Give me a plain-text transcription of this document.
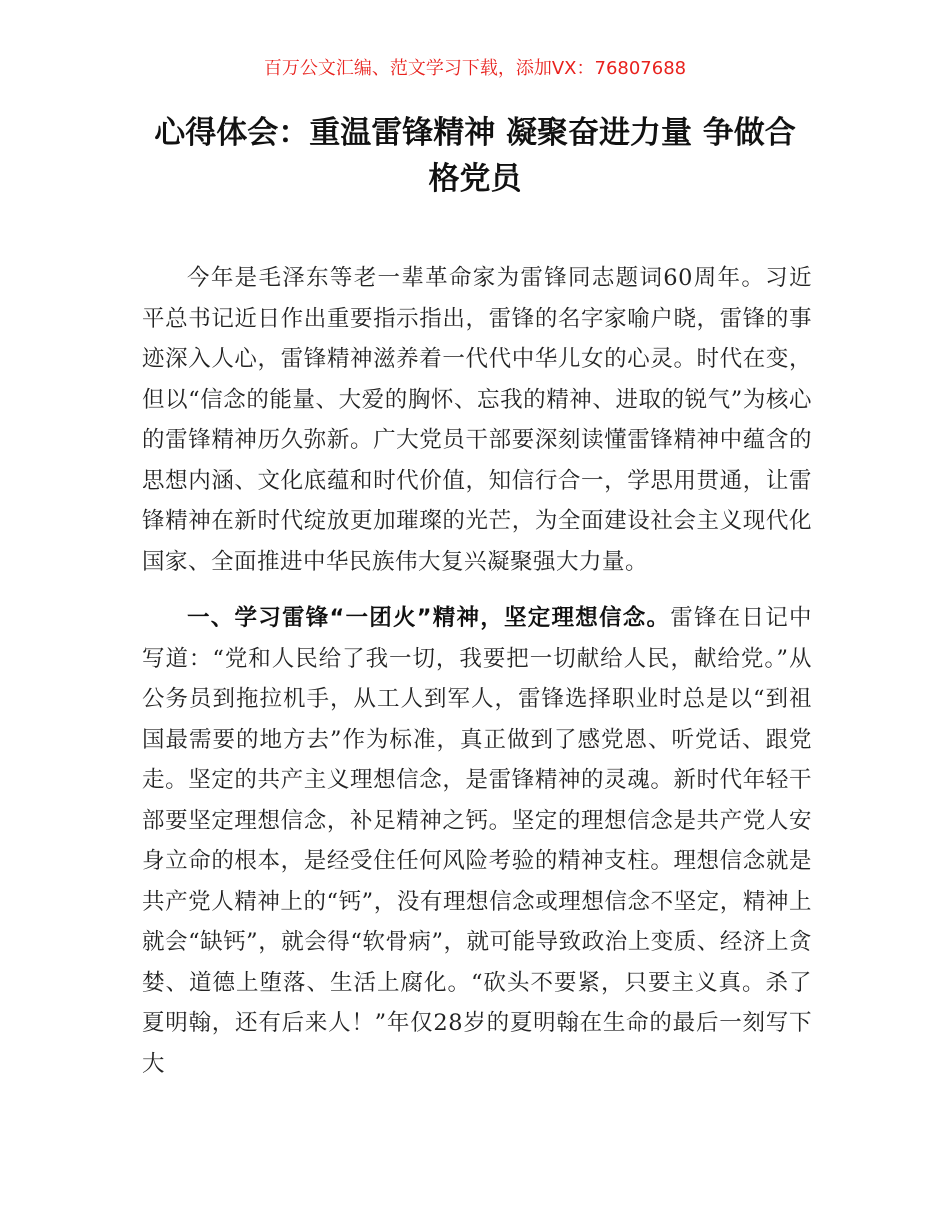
百万公文汇编、范文学习下载，添加VX：76807688
心得体会：重温雷锋精神 凝聚奋进力量 争做合格党员

今年是毛泽东等老一辈革命家为雷锋同志题词60周年。习近平总书记近日作出重要指示指出，雷锋的名字家喻户晓，雷锋的事迹深入人心，雷锋精神滋养着一代代中华儿女的心灵。时代在变，但以“信念的能量、大爱的胸怀、忘我的精神、进取的锐气”为核心的雷锋精神历久弥新。广大党员干部要深刻读懂雷锋精神中蕴含的思想内涵、文化底蕴和时代价值，知信行合一，学思用贯通，让雷锋精神在新时代绽放更加璀璨的光芒，为全面建设社会主义现代化国家、全面推进中华民族伟大复兴凝聚强大力量。

一、学习雷锋“一团火”精神，坚定理想信念。雷锋在日记中写道：“党和人民给了我一切，我要把一切献给人民，献给党。”从公务员到拖拉机手，从工人到军人，雷锋选择职业时总是以“到祖国最需要的地方去”作为标准，真正做到了感党恩、听党话、跟党走。坚定的共产主义理想信念，是雷锋精神的灵魂。新时代年轻干部要坚定理想信念，补足精神之钙。坚定的理想信念是共产党人安身立命的根本，是经受住任何风险考验的精神支柱。理想信念就是共产党人精神上的“钙”，没有理想信念或理想信念不坚定，精神上就会“缺钙”，就会得“软骨病”，就可能导致政治上变质、经济上贪婪、道德上堕落、生活上腐化。“砍头不要紧，只要主义真。杀了夏明翰，还有后来人！”年仅28岁的夏明翰在生命的最后一刻写下大
